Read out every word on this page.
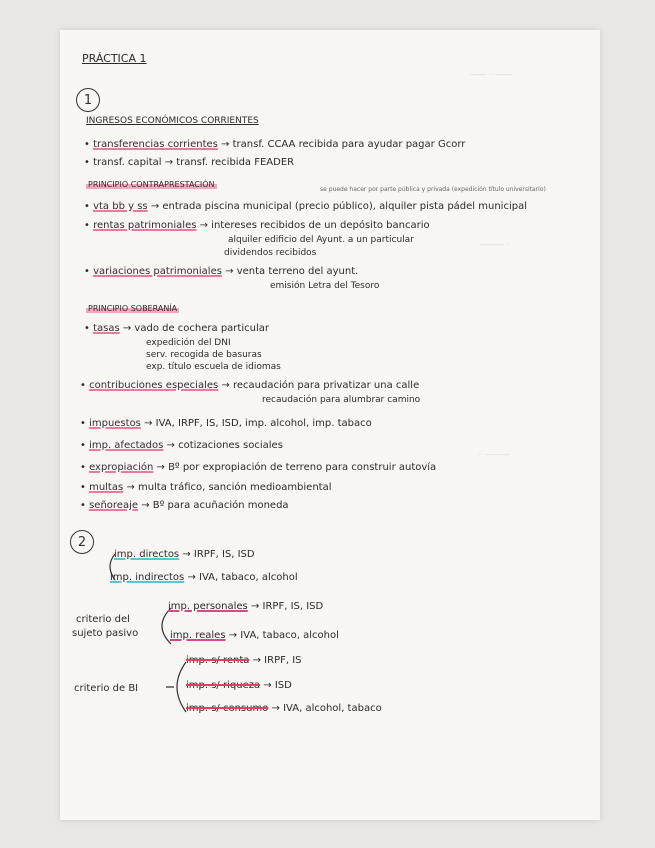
—— ·· ——
——— ·
·· ———
PRÁCTICA 1
1
INGRESOS ECONÓMICOS CORRIENTES
• transferencias corrientes → transf. CCAA recibida para ayudar pagar Gcorr
• transf. capital → transf. recibida FEADER
PRINCIPIO CONTRAPRESTACIÓN
se puede hacer por parte pública y privada (expedición título universitario)
• vta bb y ss → entrada piscina municipal (precio público), alquiler pista pádel municipal
• rentas patrimoniales → intereses recibidos de un depósito bancario
alquiler edificio del Ayunt. a un particular
dividendos recibidos
• variaciones patrimoniales → venta terreno del ayunt.
emisión Letra del Tesoro
PRINCIPIO SOBERANÍA
• tasas → vado de cochera particular
expedición del DNI
serv. recogida de basuras
exp. título escuela de idiomas
• contribuciones especiales → recaudación para privatizar una calle
recaudación para alumbrar camino
• impuestos → IVA, IRPF, IS, ISD, imp. alcohol, imp. tabaco
• imp. afectados → cotizaciones sociales
• expropiación → Bº por expropiación de terreno para construir autovía
• multas → multa tráfico, sanción medioambiental
• señoreaje → Bº para acuñación moneda
2
imp. directos → IRPF, IS, ISD
imp. indirectos → IVA, tabaco, alcohol
criterio del
sujeto pasivo
imp. personales → IRPF, IS, ISD
imp. reales → IVA, tabaco, alcohol
criterio de BI
imp. s/ renta → IRPF, IS
imp. s/ riqueza → ISD
imp. s/ consumo → IVA, alcohol, tabaco
